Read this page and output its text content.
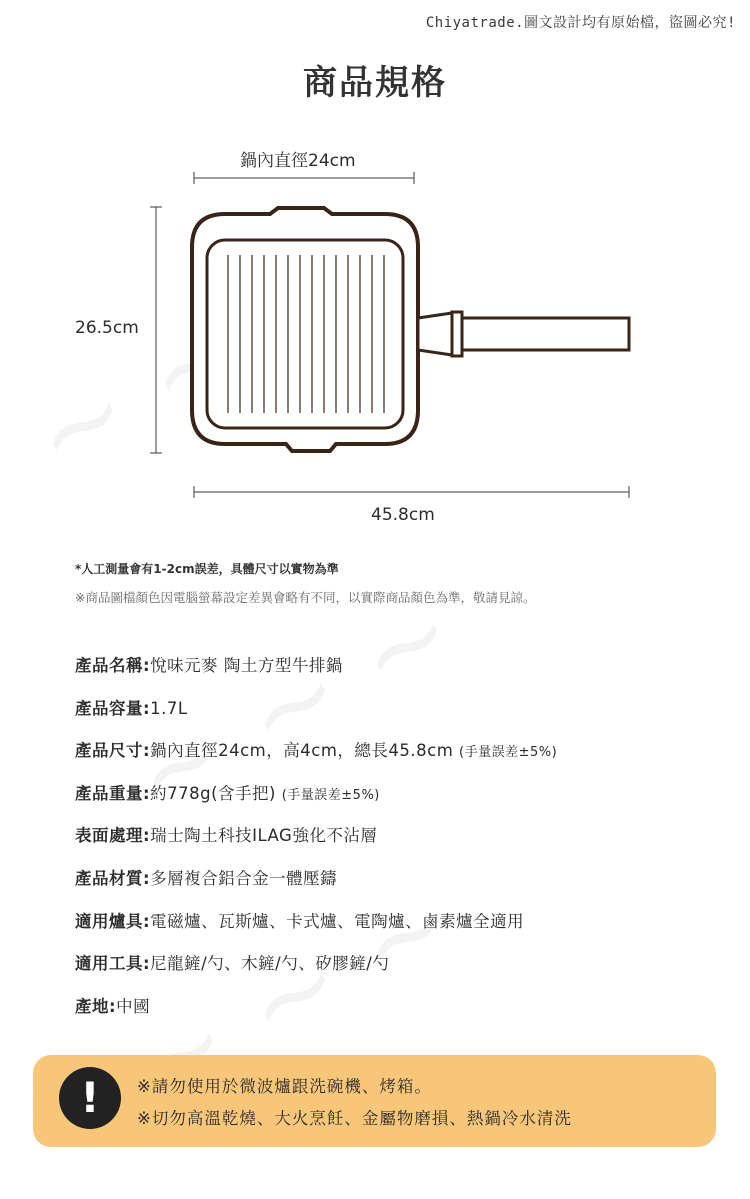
Chiyatrade.圖文設計均有原始檔，盜圖必究!
商品規格
鍋內直徑24cm
26.5cm
45.8cm
*人工測量會有1-2cm誤差，具體尺寸以實物為準
※商品圖檔顏色因電腦螢幕設定差異會略有不同，以實際商品顏色為準，敬請見諒。
產品名稱:悅味元麥 陶土方型牛排鍋
產品容量:1.7L
產品尺寸:鍋內直徑24cm，高4cm，總長45.8cm (手量誤差±5%)
產品重量:約778g(含手把) (手量誤差±5%)
表面處理:瑞士陶土科技ILAG強化不沾層
產品材質:多層複合鋁合金一體壓鑄
適用爐具:電磁爐、瓦斯爐、卡式爐、電陶爐、鹵素爐全適用
適用工具:尼龍鏟/勺、木鏟/勺、矽膠鏟/勺
產地:中國
!	※請勿使用於微波爐跟洗碗機、烤箱。
※切勿高溫乾燒、大火烹飪、金屬物磨損、熱鍋冷水清洗
